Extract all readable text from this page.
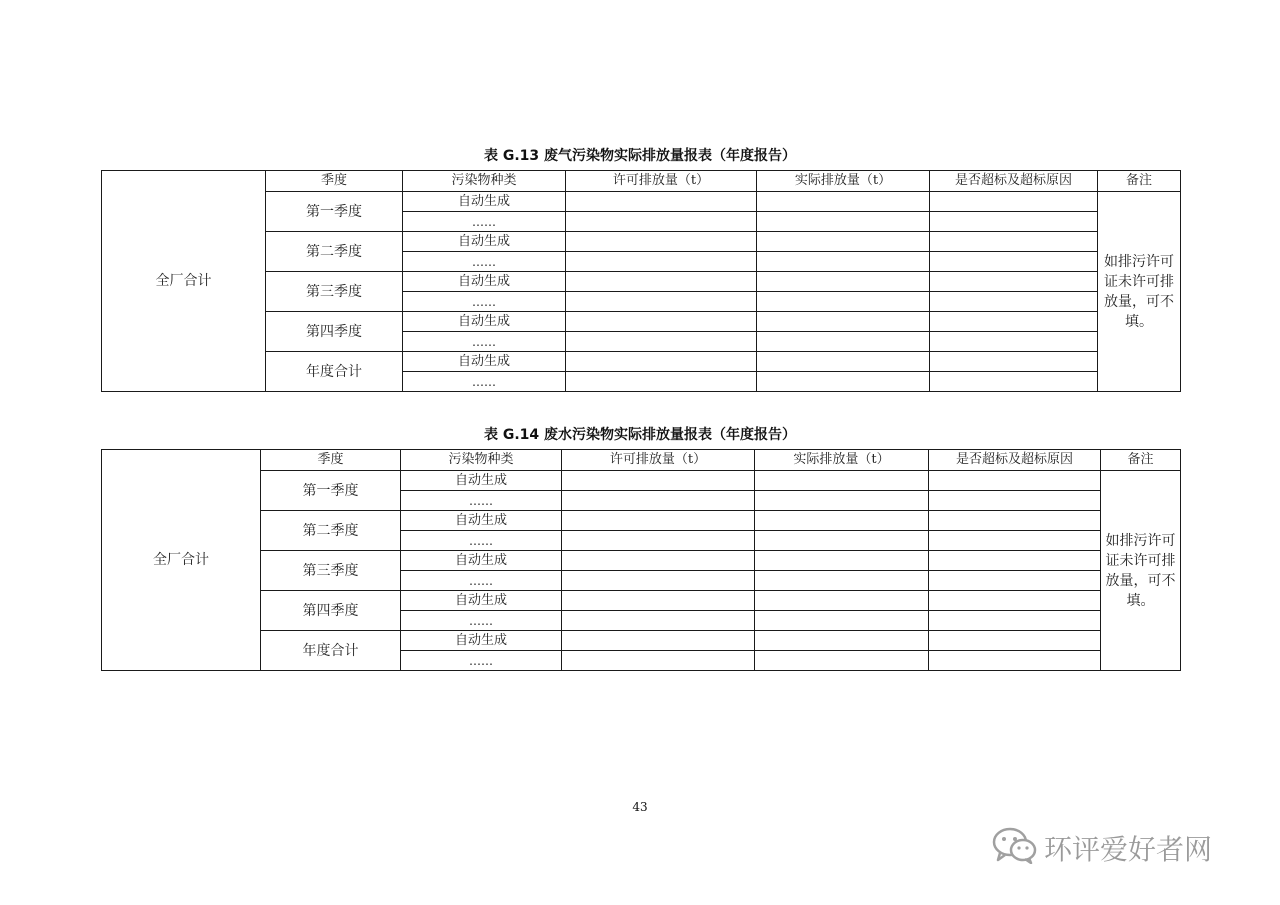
表 G.13 废气污染物实际排放量报表（年度报告）
全厂合计	季度	污染物种类	许可排放量（t）	实际排放量（t）	是否超标及超标原因	备注
	第一季度	自动生成				如排污许可证未许可排放量，可不填。
		……				
	第二季度	自动生成				
		……				
	第三季度	自动生成				
		……				
	第四季度	自动生成				
		……				
	年度合计	自动生成				
		……				
表 G.14 废水污染物实际排放量报表（年度报告）
全厂合计	季度	污染物种类	许可排放量（t）	实际排放量（t）	是否超标及超标原因	备注
	第一季度	自动生成				如排污许可证未许可排放量，可不填。
		……				
	第二季度	自动生成				
		……				
	第三季度	自动生成				
		……				
	第四季度	自动生成				
		……				
	年度合计	自动生成				
		……				
43
环评爱好者网
